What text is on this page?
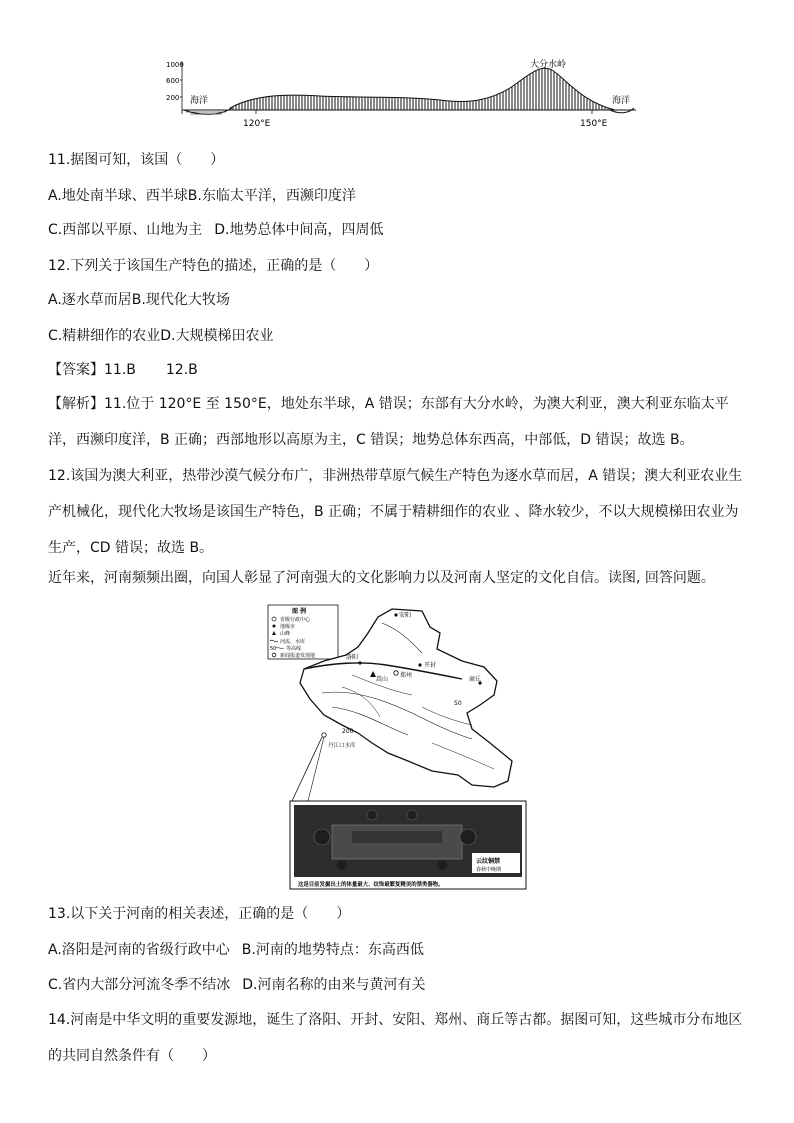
1000
600
200 海洋	海洋
大分水岭
120°E	150°E
11.据图可知，该国（　　）
A.地处南半球、西半球B.东临太平洋，西濒印度洋
C.西部以平原、山地为主 D.地势总体中间高，四周低
12.下列关于该国生产特色的描述，正确的是（　　）
A.逐水草而居B.现代化大牧场
C.精耕细作的农业D.大规模梯田农业
【答案】11.B 12.B
【解析】11.位于 120°E 至 150°E，地处东半球，A 错误；东部有大分水岭，为澳大利亚，澳大利亚东临太平洋，西濒印度洋，B 正确；西部地形以高原为主，C 错误；地势总体东西高，中部低，D 错误；故选 B。
12.该国为澳大利亚，热带沙漠气候分布广，非洲热带草原气候生产特色为逐水草而居，A 错误；澳大利亚农业生产机械化，现代化大牧场是该国生产特色，B 正确；不属于精耕细作的农业 、降水较少，不以大规模梯田农业为生产，CD 错误；故选 B。
近年来，河南频频出圈，向国人彰显了河南强大的文化影响力以及河南人坚定的文化自信。读图, 回答问题。
图 例
省级行政中心
地级市
山峰
河流、水库
50 等高线
新闻报道发现地
安阳
洛阳
郑州
开封
商丘
嵩山
丹江口水库
200
50
云纹铜禁
春秋中晚期
这是目前发掘出土的体量最大、纹饰最繁复精美的禁类器物。
13.以下关于河南的相关表述，正确的是（　　）
A.洛阳是河南的省级行政中心 B.河南的地势特点：东高西低
C.省内大部分河流冬季不结冰 D.河南名称的由来与黄河有关
14.河南是中华文明的重要发源地，诞生了洛阳、开封、安阳、郑州、商丘等古都。据图可知，这些城市分布地区的共同自然条件有（　　）
